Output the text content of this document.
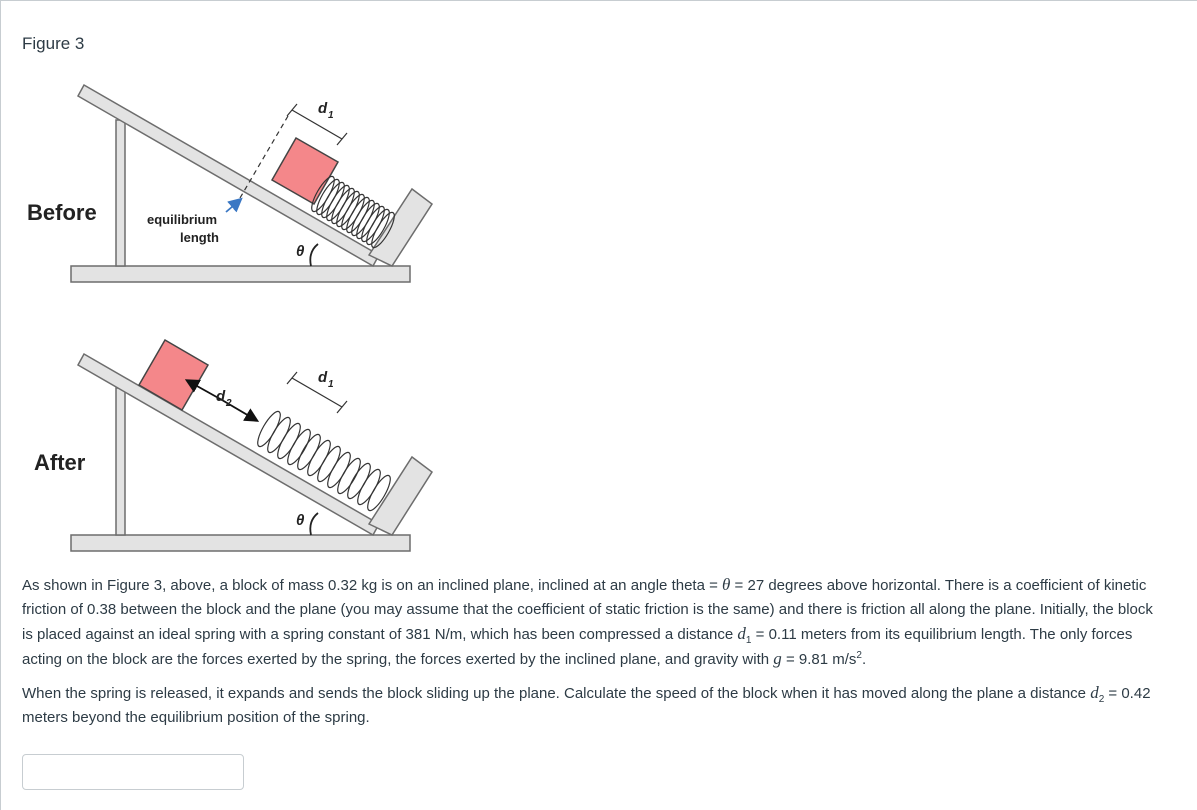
Figure 3
Before
After
equilibrium
length
θ
d 1
θ
d 1
d 2
As shown in Figure 3, above, a block of mass 0.32 kg is on an inclined plane, inclined at an angle theta = θ = 27 degrees above horizontal. There is a coefficient of kinetic friction of 0.38 between the block and the plane (you may assume that the coefficient of static friction is the same) and there is friction all along the plane. Initially, the block is placed against an ideal spring with a spring constant of 381 N/m, which has been compressed a distance $d_1 = 0.11$ meters from its equilibrium length. The only forces acting on the block are the forces exerted by the spring, the forces exerted by the inclined plane, and gravity with g = 9.81 $m/s^2$.
When the spring is released, it expands and sends the block sliding up the plane. Calculate the speed of the block when it has moved along the plane a distance $d_2 = 0.42$ meters beyond the equilibrium position of the spring.
